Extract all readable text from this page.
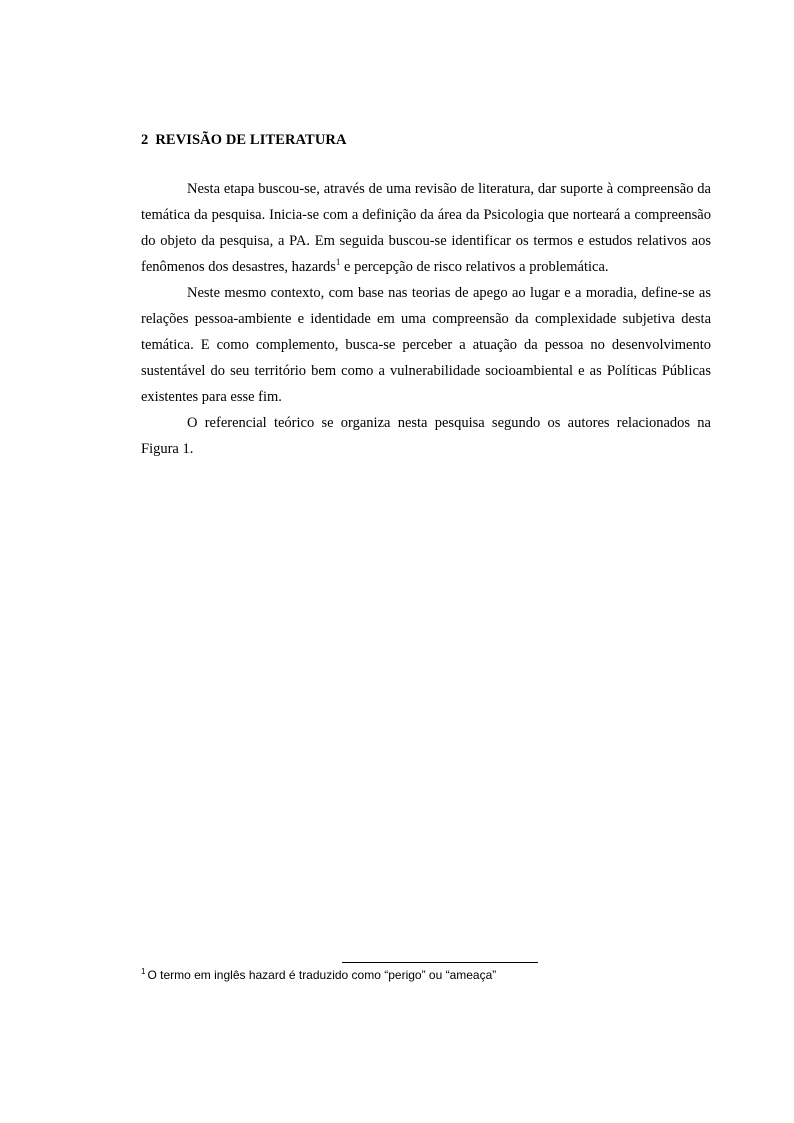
2 REVISÃO DE LITERATURA

Nesta etapa buscou-se, através de uma revisão de literatura, dar suporte à compreensão da temática da pesquisa. Inicia-se com a definição da área da Psicologia que norteará a compreensão do objeto da pesquisa, a PA. Em seguida buscou-se identificar os termos e estudos relativos aos fenômenos dos desastres, hazards$^1$ e percepção de risco relativos a problemática.

Neste mesmo contexto, com base nas teorias de apego ao lugar e a moradia, define-se as relações pessoa-ambiente e identidade em uma compreensão da complexidade subjetiva desta temática. E como complemento, busca-se perceber a atuação da pessoa no desenvolvimento sustentável do seu território bem como a vulnerabilidade socioambiental e as Políticas Públicas existentes para esse fim.

O referencial teórico se organiza nesta pesquisa segundo os autores relacionados na Figura 1.

$^1$ O termo em inglês hazard é traduzido como “perigo” ou “ameaça”
